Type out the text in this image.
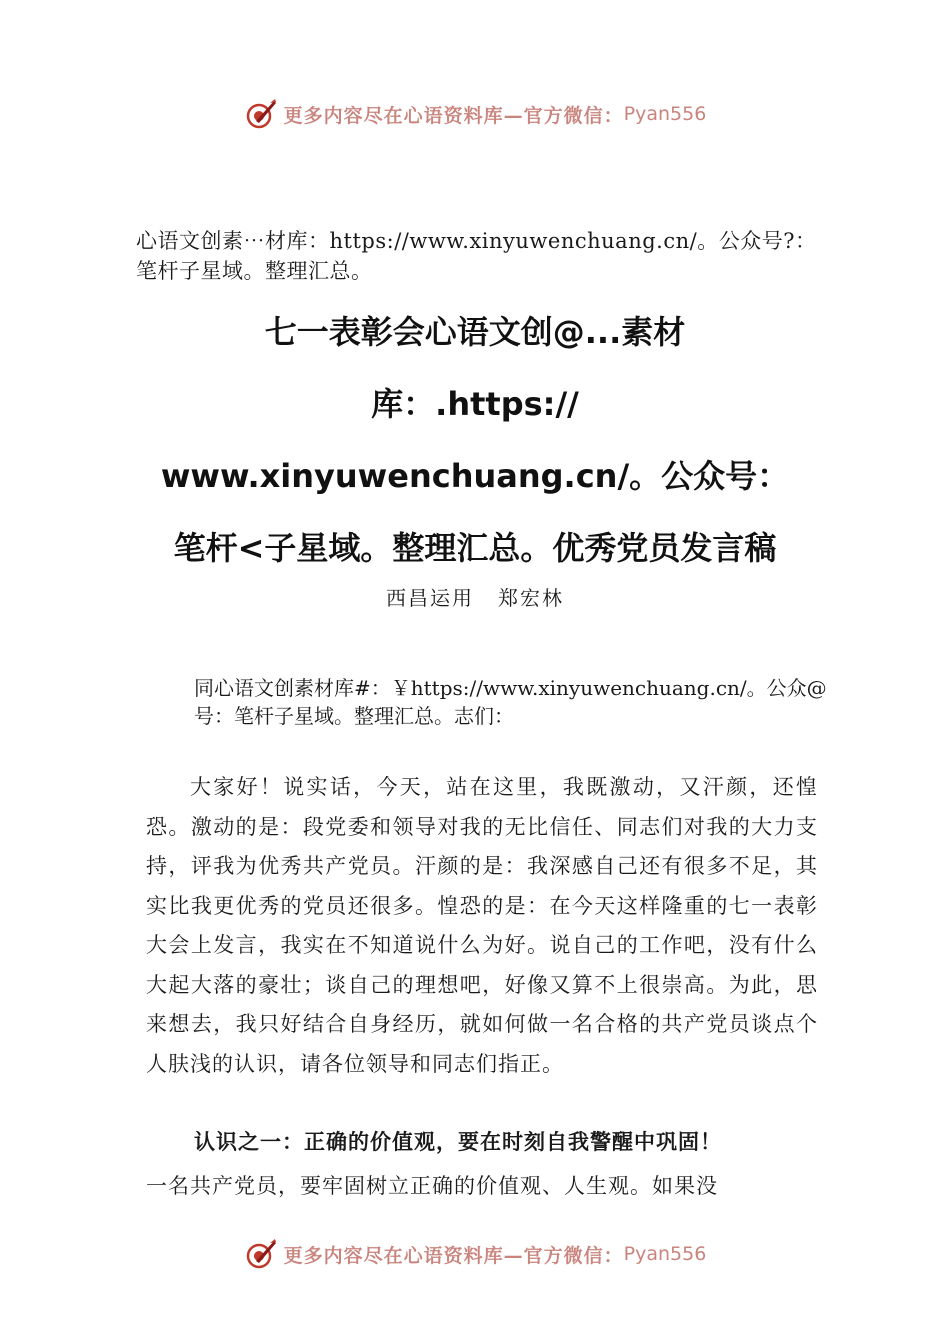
更多内容尽在心语资料库—官方微信： Pyan556
心语文创素⋯材库：https://www.xinyuwenchuang.cn/。公众号?：笔杆子星域。整理汇总。
七一表彰会心语文创@...素材
库：.https://
www.xinyuwenchuang.cn/。公众号：
笔杆<子星域。整理汇总。优秀党员发言稿
西昌运用 郑宏林
同心语文创素材库#：￥https://www.xinyuwenchuang.cn/。公众@号：笔杆子星域。整理汇总。志们：
大家好！说实话，今天，站在这里，我既激动，又汗颜，还惶恐。激动的是：段党委和领导对我的无比信任、同志们对我的大力支持，评我为优秀共产党员。汗颜的是：我深感自己还有很多不足，其实比我更优秀的党员还很多。惶恐的是：在今天这样隆重的七一表彰大会上发言，我实在不知道说什么为好。说自己的工作吧，没有什么大起大落的豪壮；谈自己的理想吧，好像又算不上很崇高。为此，思来想去，我只好结合自身经历，就如何做一名合格的共产党员谈点个人肤浅的认识，请各位领导和同志们指正。
认识之一：正确的价值观，要在时刻自我警醒中巩固！
一名共产党员，要牢固树立正确的价值观、人生观。如果没
更多内容尽在心语资料库—官方微信： Pyan556
